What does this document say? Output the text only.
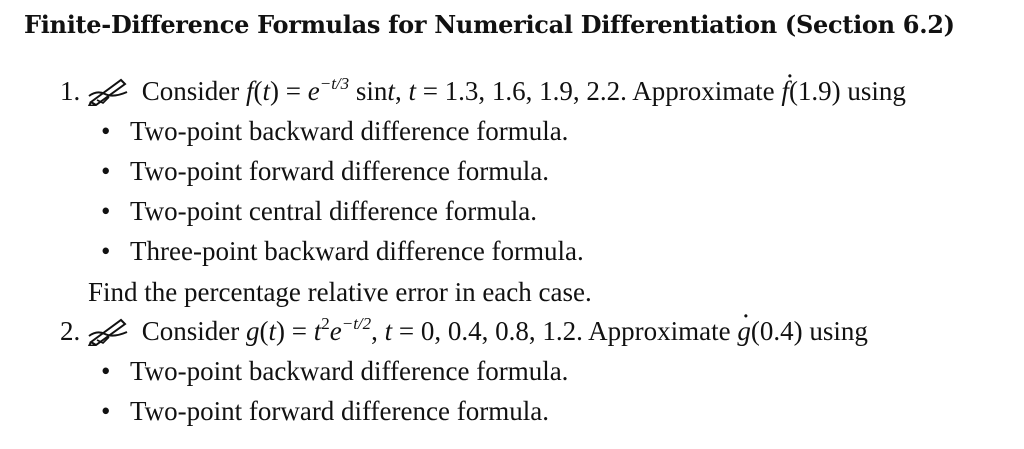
Finite-Difference Formulas for Numerical Differentiation (Section 6.2)
1. Consider $f(t) = e^{-t/3}$ sint, t = 1.3, 1.6, 1.9, 2.2. Approximate · f(1.9) using
• Two-point backward difference formula.
• Two-point forward difference formula.
• Two-point central difference formula.
• Three-point backward difference formula.
Find the percentage relative error in each case.
2. Consider $g(t) = t^2e^{-t/2}$, t = 0, 0.4, 0.8, 1.2. Approximate · g(0.4) using
• Two-point backward difference formula.
• Two-point forward difference formula.
